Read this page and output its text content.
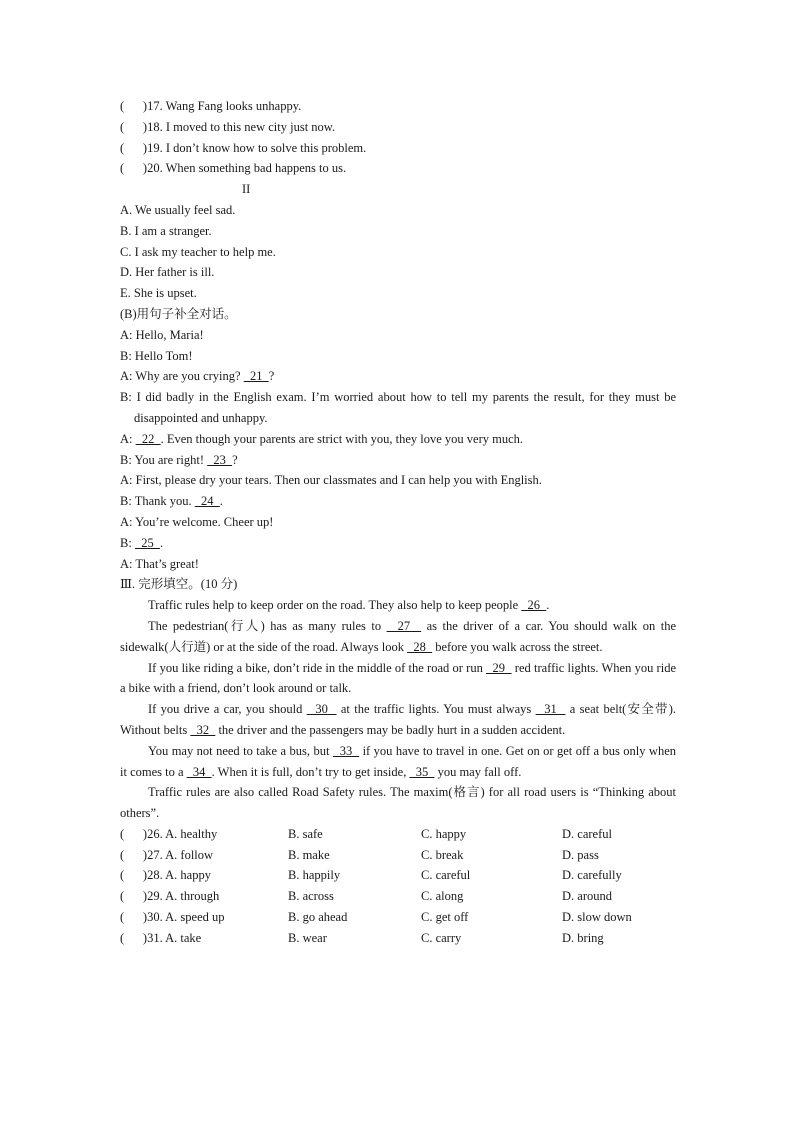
(      )17. Wang Fang looks unhappy.
(      )18. I moved to this new city just now.
(      )19. I don’t know how to solve this problem.
(      )20. When something bad happens to us.
II
A. We usually feel sad.
B. I am a stranger.
C. I ask my teacher to help me.
D. Her father is ill.
E. She is upset.
(B)用句子补全对话。
A: Hello, Maria!
B: Hello Tom!
A: Why are you crying?   21  ?
B: I did badly in the English exam. I’m worried about how to tell my parents the result, for they must be disappointed and unhappy.
A:   22  . Even though your parents are strict with you, they love you very much.
B: You are right!   23  ?
A: First, please dry your tears. Then our classmates and I can help you with English.
B: Thank you.   24  .
A: You’re welcome. Cheer up!
B:   25  .
A: That’s great!
Ⅲ. 完形填空。(10 分)
Traffic rules help to keep order on the road. They also help to keep people   26  .
The pedestrian(行人) has as many rules to   27   as the driver of a car. You should walk on the sidewalk(人行道) or at the side of the road. Always look   28   before you walk across the street.
If you like riding a bike, don’t ride in the middle of the road or run   29   red traffic lights. When you ride a bike with a friend, don’t look around or talk.
If you drive a car, you should   30   at the traffic lights. You must always   31   a seat belt(安全带). Without belts   32   the driver and the passengers may be badly hurt in a sudden accident.
You may not need to take a bus, but   33   if you have to travel in one. Get on or get off a bus only when it comes to a   34  . When it is full, don’t try to get inside,   35   you may fall off.
Traffic rules are also called Road Safety rules. The maxim(格言) for all road users is “Thinking about others”.
(      )26. A. healthy	B. safe	C. happy	D. careful
(      )27. A. follow	B. make	C. break	D. pass
(      )28. A. happy	B. happily	C. careful	D. carefully
(      )29. A. through	B. across	C. along	D. around
(      )30. A. speed up	B. go ahead	C. get off	D. slow down
(      )31. A. take	B. wear	C. carry	D. bring
